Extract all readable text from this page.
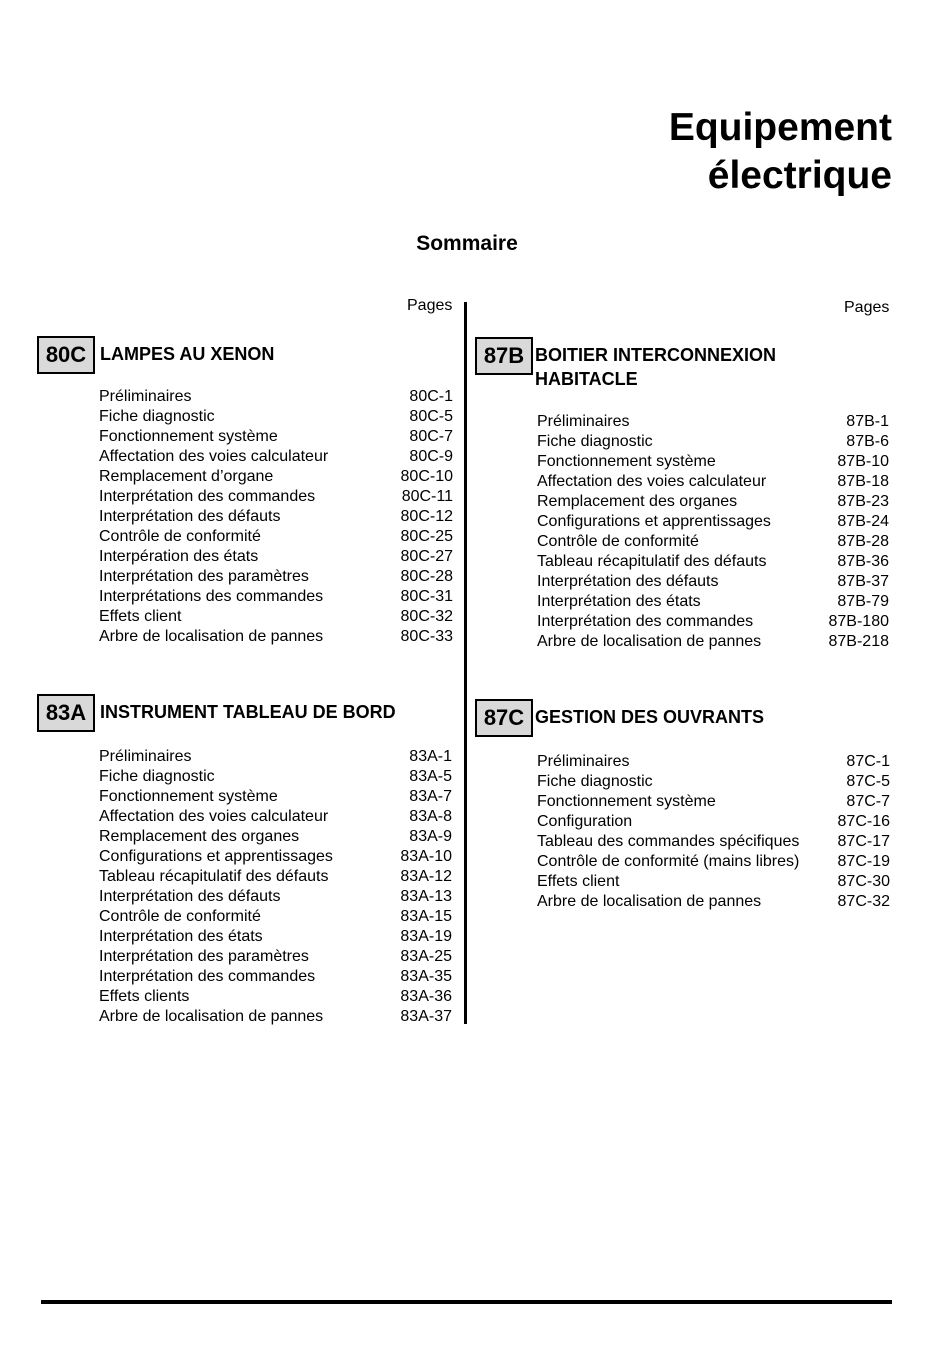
Equipement
électrique
Sommaire
Pages	Pages
80C LAMPES AU XENON
Préliminaires	80C-1
Fiche diagnostic	80C-5
Fonctionnement système	80C-7
Affectation des voies calculateur	80C-9
Remplacement d’organe	80C-10
Interprétation des commandes	80C-11
Interprétation des défauts	80C-12
Contrôle de conformité	80C-25
Interpération des états	80C-27
Interprétation des paramètres	80C-28
Interprétations des commandes	80C-31
Effets client	80C-32
Arbre de localisation de pannes	80C-33
83A INSTRUMENT TABLEAU DE BORD
Préliminaires	83A-1
Fiche diagnostic	83A-5
Fonctionnement système	83A-7
Affectation des voies calculateur	83A-8
Remplacement des organes	83A-9
Configurations et apprentissages	83A-10
Tableau récapitulatif des défauts	83A-12
Interprétation des défauts	83A-13
Contrôle de conformité	83A-15
Interprétation des états	83A-19
Interprétation des paramètres	83A-25
Interprétation des commandes	83A-35
Effets clients	83A-36
Arbre de localisation de pannes	83A-37
87B BOITIER INTERCONNEXION
HABITACLE
Préliminaires	87B-1
Fiche diagnostic	87B-6
Fonctionnement système	87B-10
Affectation des voies calculateur	87B-18
Remplacement des organes	87B-23
Configurations et apprentissages	87B-24
Contrôle de conformité	87B-28
Tableau récapitulatif des défauts	87B-36
Interprétation des défauts	87B-37
Interprétation des états	87B-79
Interprétation des commandes	87B-180
Arbre de localisation de pannes	87B-218
87C GESTION DES OUVRANTS
Préliminaires	87C-1
Fiche diagnostic	87C-5
Fonctionnement système	87C-7
Configuration	87C-16
Tableau des commandes spécifiques 87C-17
Contrôle de conformité (mains libres) 87C-19
Effets client	87C-30
Arbre de localisation de pannes	87C-32
